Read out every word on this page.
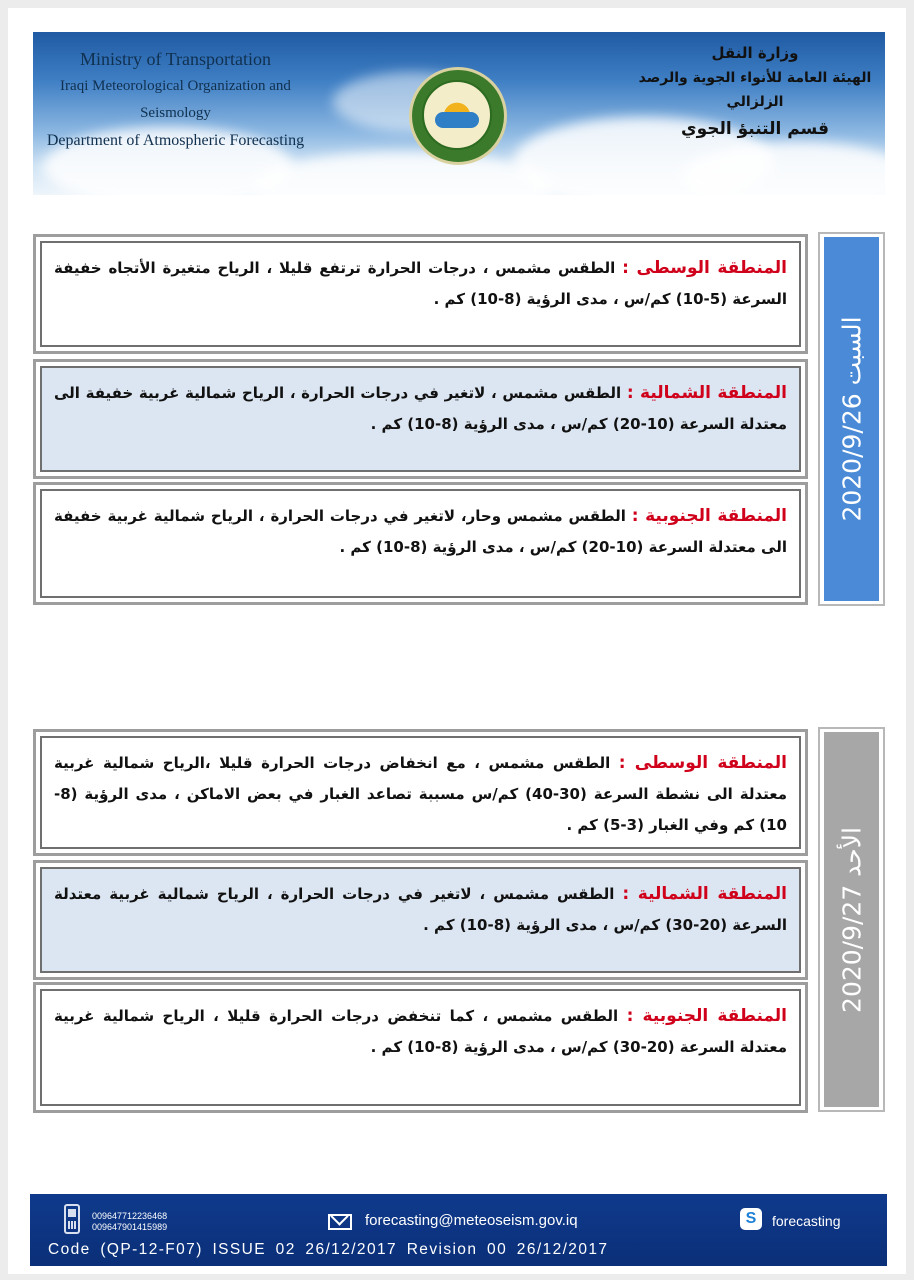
Ministry of Transportation
Iraqi Meteorological Organization and Seismology
Department of Atmospheric Forecasting
وزارة النقل
الهيئة العامة للأنواء الجوية والرصد الزلزالي
قسم التنبؤ الجوي
المنطقة الوسطى : الطقس مشمس ، درجات الحرارة ترتفع قليلا ، الرياح متغيرة الأتجاه خفيفة السرعة (5-10) كم/س ، مدى الرؤية (8-10) كم .
المنطقة الشمالية : الطقس مشمس ، لاتغير في درجات الحرارة ، الرياح شمالية غربية خفيفة الى معتدلة السرعة (10-20) كم/س ، مدى الرؤية (8-10) كم .
المنطقة الجنوبية : الطقس مشمس وحار، لاتغير في درجات الحرارة ، الرياح شمالية غربية خفيفة الى معتدلة السرعة (10-20) كم/س ، مدى الرؤية (8-10) كم .
السبت 2020/9/26
المنطقة الوسطى : الطقس مشمس ، مع انخفاض درجات الحرارة قليلا ،الرياح شمالية غربية معتدلة الى نشطة السرعة (30-40) كم/س مسببة تصاعد الغبار في بعض الاماكن ، مدى الرؤية (8-10) كم وفي الغبار (3-5) كم .
المنطقة الشمالية : الطقس مشمس ، لاتغير في درجات الحرارة ، الرياح شمالية غربية معتدلة السرعة (20-30) كم/س ، مدى الرؤية (8-10) كم .
المنطقة الجنوبية : الطقس مشمس ، كما تنخفض درجات الحرارة قليلا ، الرياح شمالية غربية معتدلة السرعة (20-30) كم/س ، مدى الرؤية (8-10) كم .
الأحد 2020/9/27
009647712236468
009647901415989	forecasting@meteoseism.gov.iq	S	forecasting
Code (QP-12-F07) ISSUE 02 26/12/2017 Revision 00 26/12/2017
